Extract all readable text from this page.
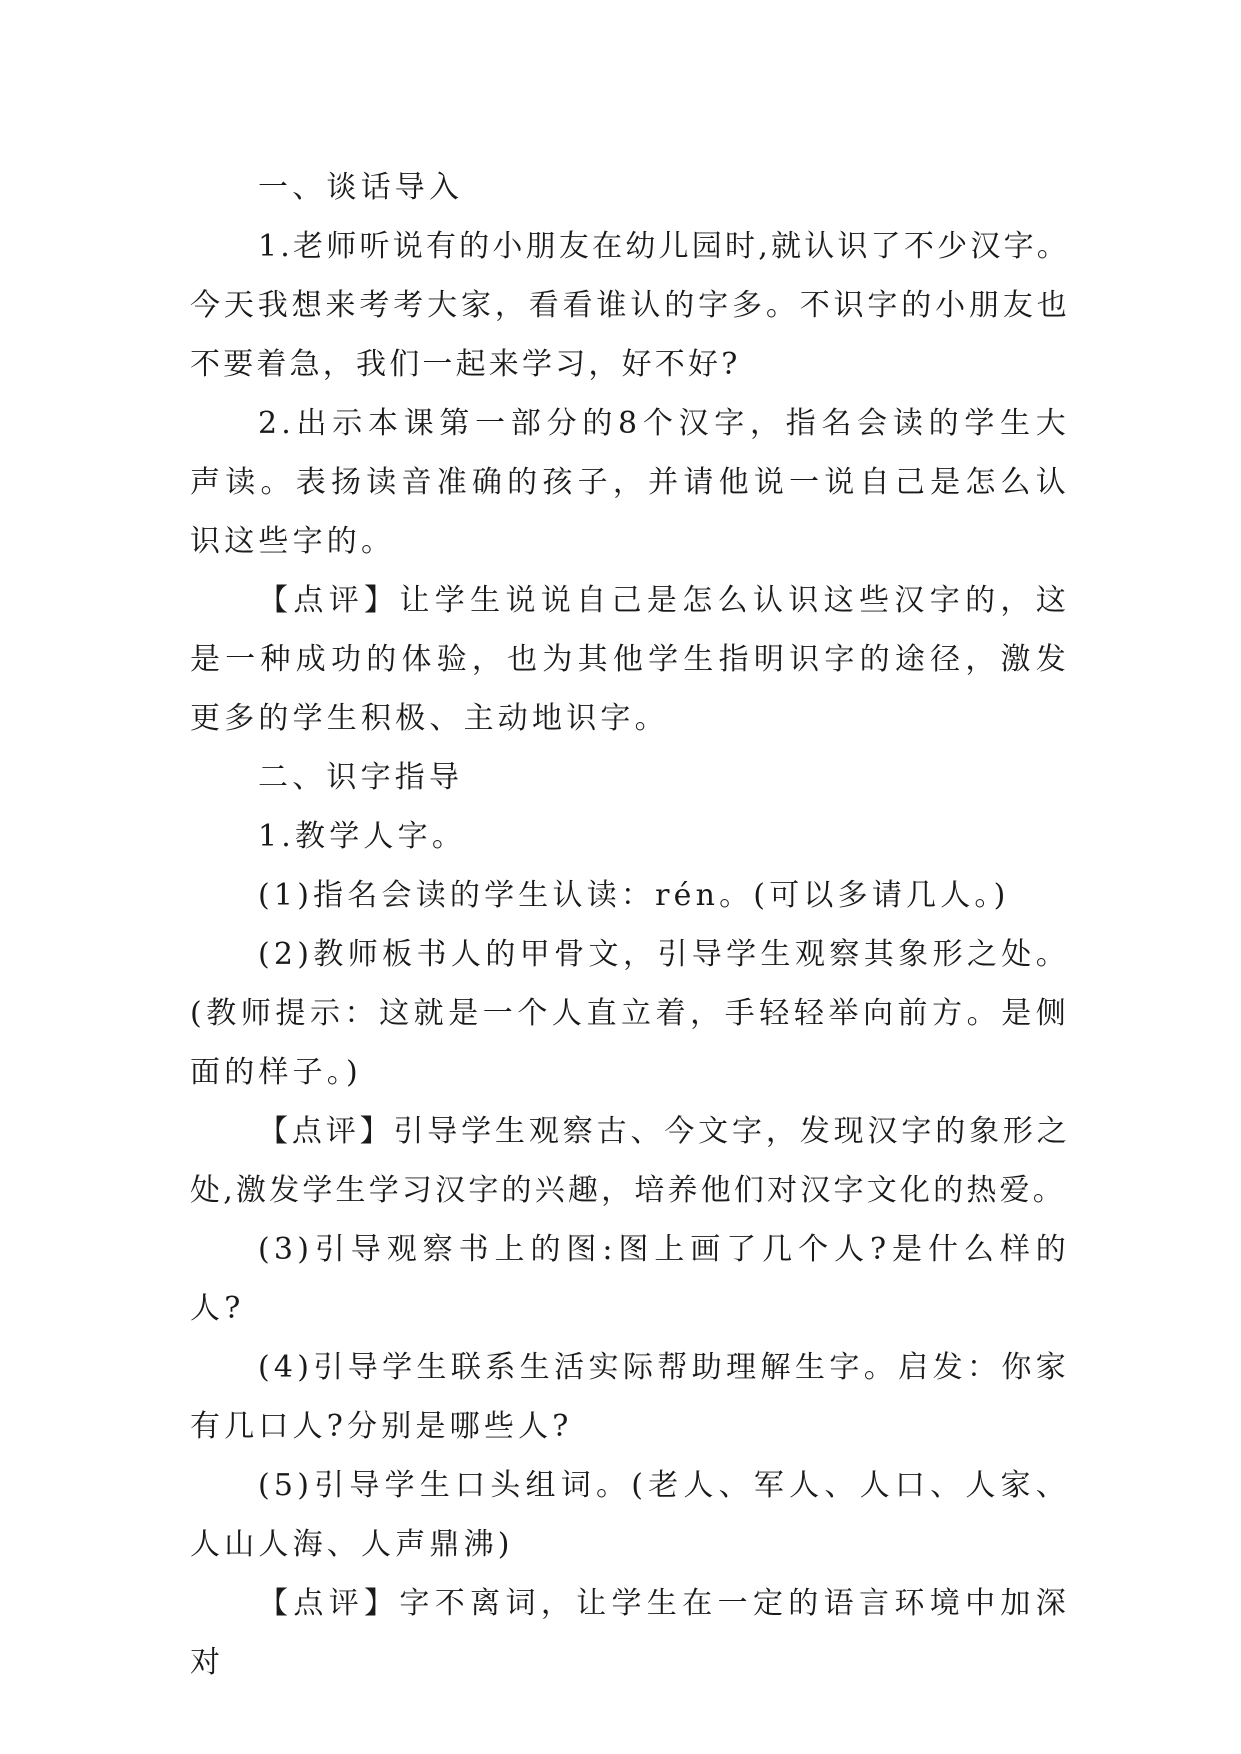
一、谈话导入

1.老师听说有的小朋友在幼儿园时,就认识了不少汉字。今天我想来考考大家，看看谁认的字多。不识字的小朋友也不要着急，我们一起来学习，好不好?

2.出示本课第一部分的8个汉字，指名会读的学生大声读。表扬读音准确的孩子，并请他说一说自己是怎么认识这些字的。

【点评】让学生说说自己是怎么认识这些汉字的，这是一种成功的体验，也为其他学生指明识字的途径，激发更多的学生积极、主动地识字。

二、识字指导

1.教学人字。

(1)指名会读的学生认读：rén。(可以多请几人。)

(2)教师板书人的甲骨文，引导学生观察其象形之处。(教师提示：这就是一个人直立着，手轻轻举向前方。是侧面的样子。)

【点评】引导学生观察古、今文字，发现汉字的象形之处,激发学生学习汉字的兴趣，培养他们对汉字文化的热爱。

(3)引导观察书上的图:图上画了几个人?是什么样的人?

(4)引导学生联系生活实际帮助理解生字。启发：你家有几口人?分别是哪些人?

(5)引导学生口头组词。(老人、军人、人口、人家、人山人海、人声鼎沸)

【点评】字不离词，让学生在一定的语言环境中加深对
